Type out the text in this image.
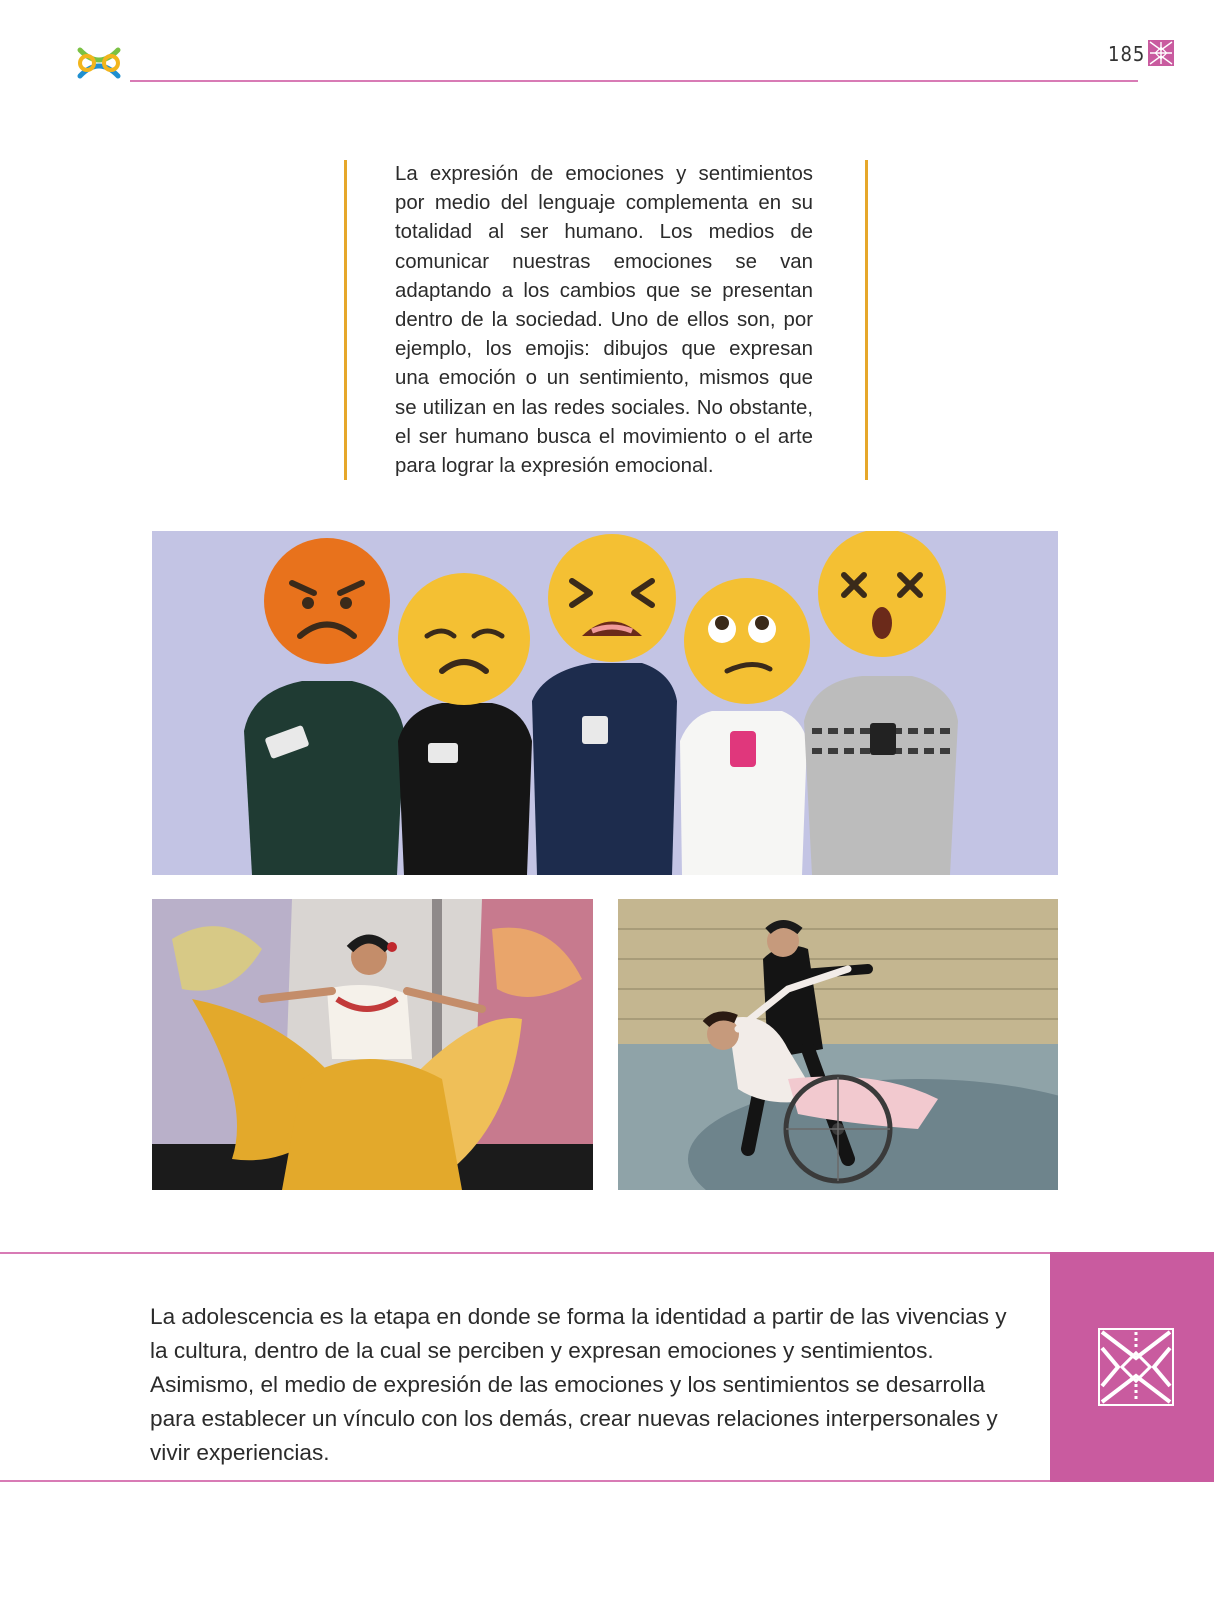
185

La expresión de emociones y sentimientos por medio del lenguaje complementa en su totalidad al ser humano. Los medios de comunicar nuestras emociones se van adaptando a los cambios que se presentan dentro de la sociedad. Uno de ellos son, por ejemplo, los emojis: dibujos que expresan una emoción o un sentimiento, mismos que se utilizan en las redes sociales. No obstante, el ser humano busca el movimiento o el arte para lograr la expresión emocional.

La adolescencia es la etapa en donde se forma la identidad a partir de las vivencias y la cultura, dentro de la cual se perciben y expresan emociones y sentimientos. Asimismo, el medio de expresión de las emociones y los sentimientos se desarrolla para establecer un vínculo con los demás, crear nuevas relaciones interpersonales y vivir experiencias.
